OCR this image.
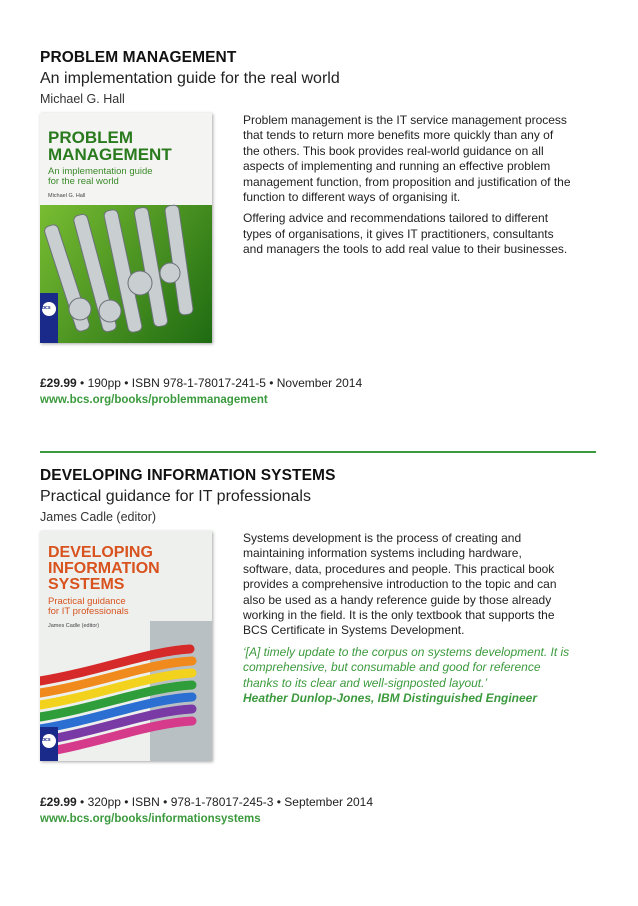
PROBLEM MANAGEMENT
An implementation guide for the real world
Michael G. Hall
PROBLEM
MANAGEMENT
An implementation guide
for the real world
Michael G. Hall
bcs

Problem management is the IT service management process that tends to return more benefits more quickly than any of the others. This book provides real-world guidance on all aspects of implementing and running an effective problem management function, from proposition and justification of the function to different ways of organising it.

Offering advice and recommendations tailored to different types of organisations, it gives IT practitioners, consultants and managers the tools to add real value to their businesses.

£29.99 • 190pp • ISBN 978-1-78017-241-5 • November 2014
www.bcs.org/books/problemmanagement
DEVELOPING INFORMATION SYSTEMS
Practical guidance for IT professionals
James Cadle (editor)
DEVELOPING
INFORMATION
SYSTEMS
Practical guidance
for IT professionals
James Cadle (editor)
bcs

Systems development is the process of creating and maintaining information systems including hardware, software, data, procedures and people. This practical book provides a comprehensive introduction to the topic and can also be used as a handy reference guide by those already working in the field. It is the only textbook that supports the BCS Certificate in Systems Development.

‘[A] timely update to the corpus on systems development. It is comprehensive, but consumable and good for reference thanks to its clear and well-signposted layout.’
Heather Dunlop-Jones, IBM Distinguished Engineer

£29.99 • 320pp • ISBN • 978-1-78017-245-3 • September 2014
www.bcs.org/books/informationsystems
